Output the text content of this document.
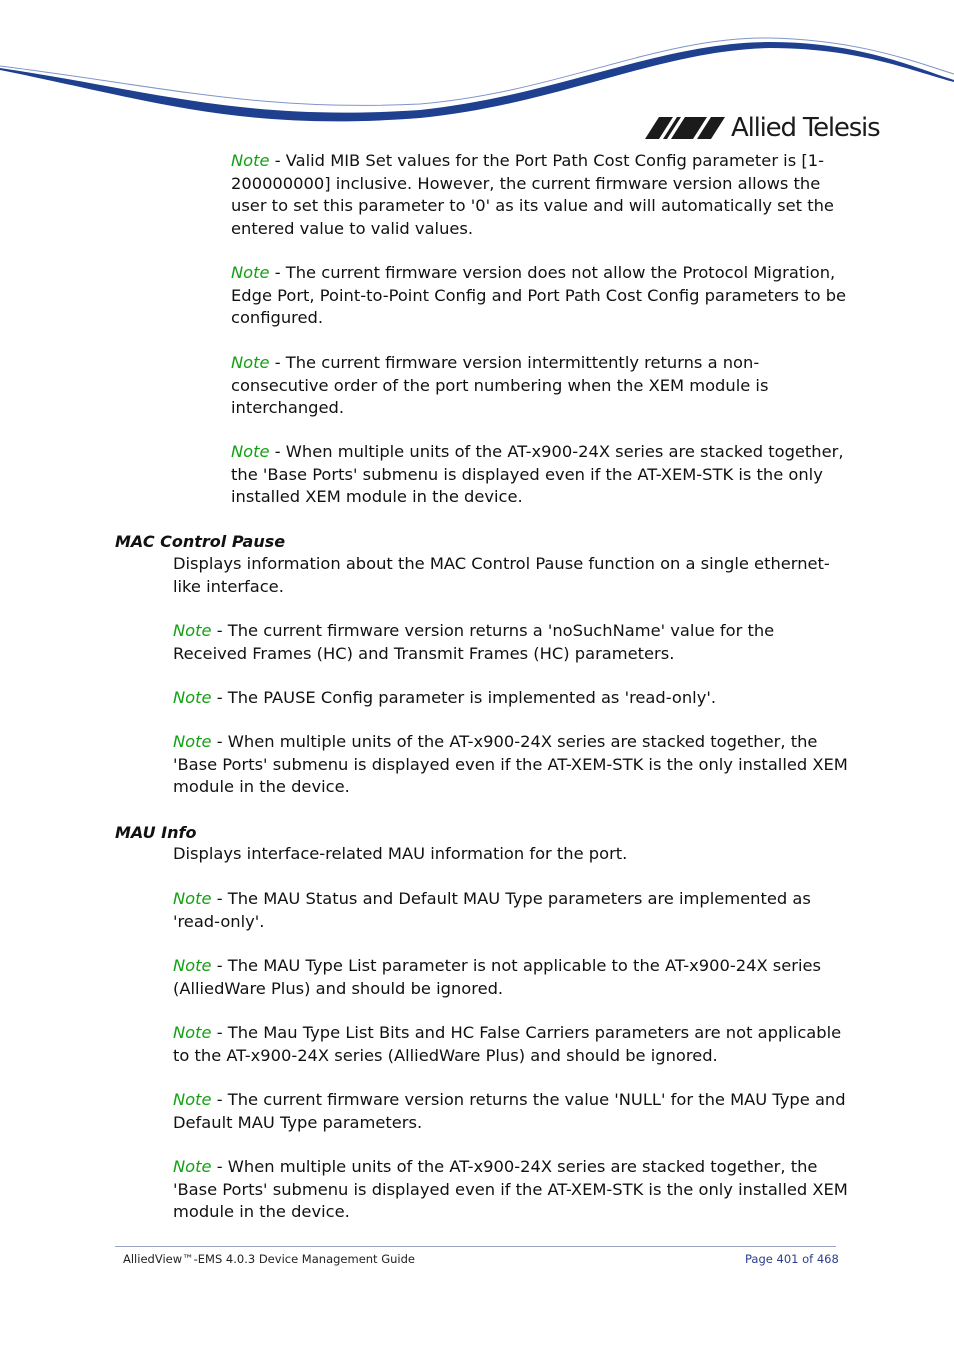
Allied Telesis

Note - Valid MIB Set values for the Port Path Cost Config parameter is [1-200000000] inclusive. However, the current firmware version allows the user to set this parameter to '0' as its value and will automatically set the entered value to valid values.

Note - The current firmware version does not allow the Protocol Migration, Edge Port, Point-to-Point Config and Port Path Cost Config parameters to be configured.

Note - The current firmware version intermittently returns a non-consecutive order of the port numbering when the XEM module is interchanged.

Note - When multiple units of the AT-x900-24X series are stacked together, the 'Base Ports' submenu is displayed even if the AT-XEM-STK is the only installed XEM module in the device.

MAC Control Pause

Displays information about the MAC Control Pause function on a single ethernet-like interface.

Note - The current firmware version returns a 'noSuchName' value for the Received Frames (HC) and Transmit Frames (HC) parameters.

Note - The PAUSE Config parameter is implemented as 'read-only'.

Note - When multiple units of the AT-x900-24X series are stacked together, the 'Base Ports' submenu is displayed even if the AT-XEM-STK is the only installed XEM module in the device.

MAU Info

Displays interface-related MAU information for the port.

Note - The MAU Status and Default MAU Type parameters are implemented as 'read-only'.

Note - The MAU Type List parameter is not applicable to the AT-x900-24X series (AlliedWare Plus) and should be ignored.

Note - The Mau Type List Bits and HC False Carriers parameters are not applicable to the AT-x900-24X series (AlliedWare Plus) and should be ignored.

Note - The current firmware version returns the value 'NULL' for the MAU Type and Default MAU Type parameters.

Note - When multiple units of the AT-x900-24X series are stacked together, the 'Base Ports' submenu is displayed even if the AT-XEM-STK is the only installed XEM module in the device.

AlliedView™-EMS 4.0.3 Device Management Guide	Page 401 of 468
